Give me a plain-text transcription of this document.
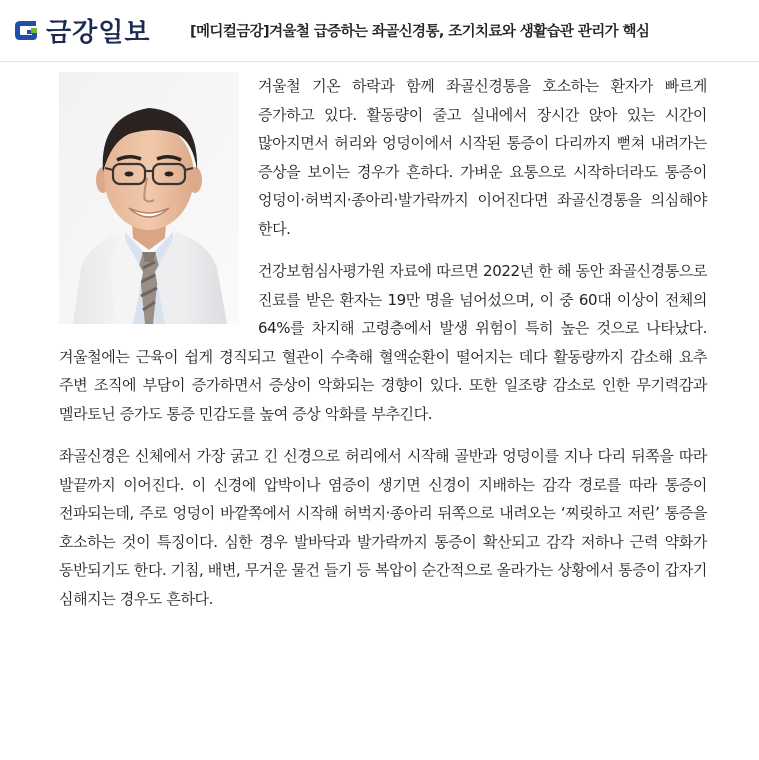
금강일보	[메디컬금강]겨울철 급증하는 좌골신경통, 조기치료와 생활습관 관리가 핵심

겨울철 기온 하락과 함께 좌골신경통을 호소하는 환자가 빠르게 증가하고 있다. 활동량이 줄고 실내에서 장시간 앉아 있는 시간이 많아지면서 허리와 엉덩이에서 시작된 통증이 다리까지 뻗쳐 내려가는 증상을 보이는 경우가 흔하다. 가벼운 요통으로 시작하더라도 통증이 엉덩이·허벅지·종아리·발가락까지 이어진다면 좌골신경통을 의심해야 한다.

건강보험심사평가원 자료에 따르면 2022년 한 해 동안 좌골신경통으로 진료를 받은 환자는 19만 명을 넘어섰으며, 이 중 60대 이상이 전체의 64%를 차지해 고령층에서 발생 위험이 특히 높은 것으로 나타났다. 겨울철에는 근육이 쉽게 경직되고 혈관이 수축해 혈액순환이 떨어지는 데다 활동량까지 감소해 요추 주변 조직에 부담이 증가하면서 증상이 악화되는 경향이 있다. 또한 일조량 감소로 인한 무기력감과 멜라토닌 증가도 통증 민감도를 높여 증상 악화를 부추긴다.

좌골신경은 신체에서 가장 굵고 긴 신경으로 허리에서 시작해 골반과 엉덩이를 지나 다리 뒤쪽을 따라 발끝까지 이어진다. 이 신경에 압박이나 염증이 생기면 신경이 지배하는 감각 경로를 따라 통증이 전파되는데, 주로 엉덩이 바깥쪽에서 시작해 허벅지·종아리 뒤쪽으로 내려오는 ‘찌릿하고 저린’ 통증을 호소하는 것이 특징이다. 심한 경우 발바닥과 발가락까지 통증이 확산되고 감각 저하나 근력 약화가 동반되기도 한다. 기침, 배변, 무거운 물건 들기 등 복압이 순간적으로 올라가는 상황에서 통증이 갑자기 심해지는 경우도 흔하다.
